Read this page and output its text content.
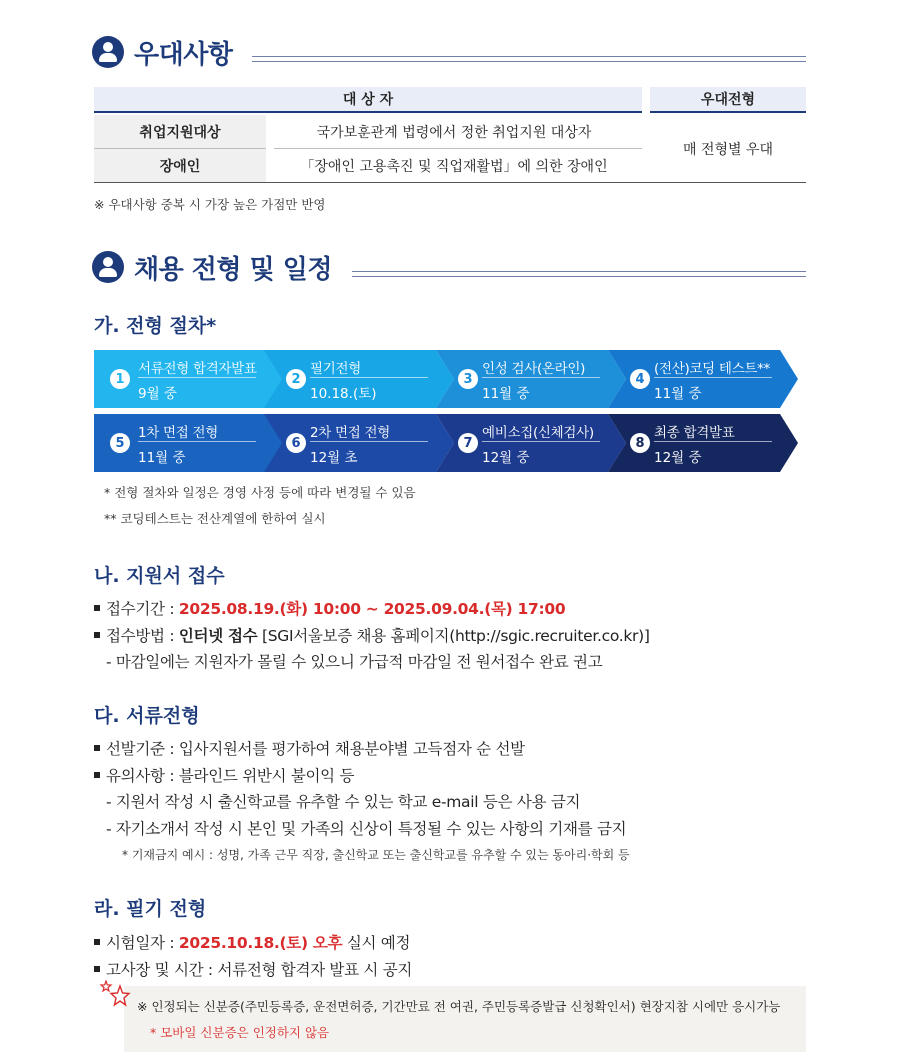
우대사항
대 상 자	우대전형
취업지원대상	국가보훈관계 법령에서 정한 취업지원 대상자
장애인	「장애인 고용촉진 및 직업재활법」에 의한 장애인
매 전형별 우대
※ 우대사항 중복 시 가장 높은 가점만 반영
채용 전형 및 일정
가. 전형 절차*
1
서류전형 합격자발표
9월 중
2
필기전형
10.18.(토)
3
인성 검사(온라인)
11월 중
4
(전산)코딩 테스트**
11월 중
5
1차 면접 전형
11월 중
6
2차 면접 전형
12월 초
7
예비소집(신체검사)
12월 중
8
최종 합격발표
12월 중
* 전형 절차와 일정은 경영 사정 등에 따라 변경될 수 있음
** 코딩테스트는 전산계열에 한하여 실시
나. 지원서 접수
접수기간 : 2025.08.19.(화) 10:00 ~ 2025.09.04.(목) 17:00
접수방법 : 인터넷 접수 [SGI서울보증 채용 홈페이지(http://sgic.recruiter.co.kr)]
- 마감일에는 지원자가 몰릴 수 있으니 가급적 마감일 전 원서접수 완료 권고
다. 서류전형
선발기준 : 입사지원서를 평가하여 채용분야별 고득점자 순 선발
유의사항 : 블라인드 위반시 불이익 등
- 지원서 작성 시 출신학교를 유추할 수 있는 학교 e-mail 등은 사용 금지
- 자기소개서 작성 시 본인 및 가족의 신상이 특정될 수 있는 사항의 기재를 금지
* 기재금지 예시 : 성명, 가족 근무 직장, 출신학교 또는 출신학교를 유추할 수 있는 동아리·학회 등
라. 필기 전형
시험일자 : 2025.10.18.(토) 오후 실시 예정
고사장 및 시간 : 서류전형 합격자 발표 시 공지
※ 인정되는 신분증(주민등록증, 운전면허증, 기간만료 전 여권, 주민등록증발급 신청확인서) 현장지참 시에만 응시가능
* 모바일 신분증은 인정하지 않음
